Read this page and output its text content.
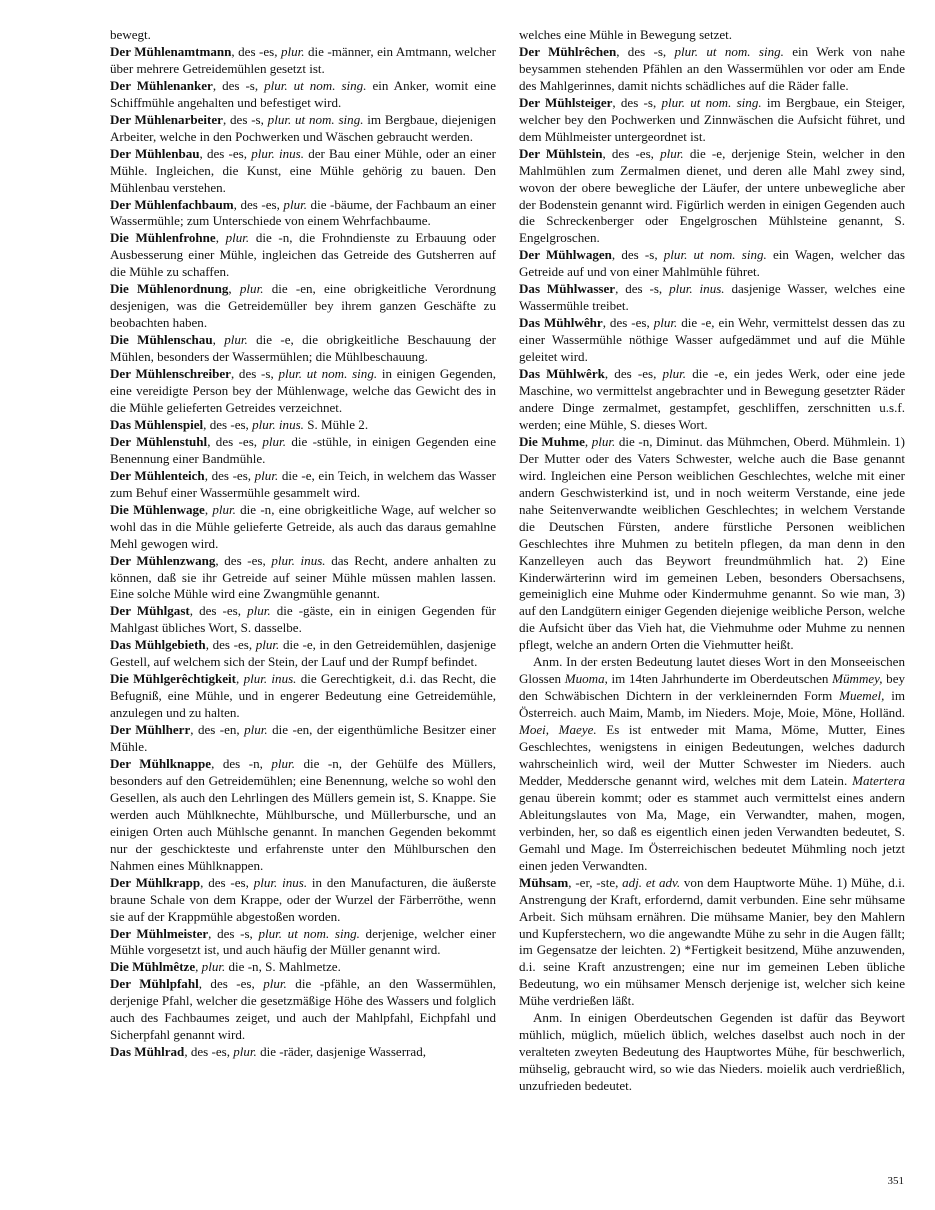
bewegt.

Der Mühlenamtmann, des -es, plur. die -männer, ein Amtmann, welcher über mehrere Getreidemühlen gesetzt ist.

Der Mühlenanker, des -s, plur. ut nom. sing. ein Anker, womit eine Schiffmühle angehalten und befestiget wird.

Der Mühlenarbeiter, des -s, plur. ut nom. sing. im Bergbaue, diejenigen Arbeiter, welche in den Pochwerken und Wäschen gebraucht werden.

Der Mühlenbau, des -es, plur. inus. der Bau einer Mühle, oder an einer Mühle. Ingleichen, die Kunst, eine Mühle gehörig zu bauen. Den Mühlenbau verstehen.

Der Mühlenfachbaum, des -es, plur. die -bäume, der Fachbaum an einer Wassermühle; zum Unterschiede von einem Wehrfachbaume.

Die Mühlenfrohne, plur. die -n, die Frohndienste zu Erbauung oder Ausbesserung einer Mühle, ingleichen das Getreide des Gutsherren auf die Mühle zu schaffen.

Die Mühlenordnung, plur. die -en, eine obrigkeitliche Verordnung desjenigen, was die Getreidemüller bey ihrem ganzen Geschäfte zu beobachten haben.

Die Mühlenschau, plur. die -e, die obrigkeitliche Beschauung der Mühlen, besonders der Wassermühlen; die Mühlbeschauung.

Der Mühlenschreiber, des -s, plur. ut nom. sing. in einigen Gegenden, eine vereidigte Person bey der Mühlenwage, welche das Gewicht des in die Mühle gelieferten Getreides verzeichnet.

Das Mühlenspiel, des -es, plur. inus. S. Mühle 2.

Der Mühlenstuhl, des -es, plur. die -stühle, in einigen Gegenden eine Benennung einer Bandmühle.

Der Mühlenteich, des -es, plur. die -e, ein Teich, in welchem das Wasser zum Behuf einer Wassermühle gesammelt wird.

Die Mühlenwage, plur. die -n, eine obrigkeitliche Wage, auf welcher so wohl das in die Mühle gelieferte Getreide, als auch das daraus gemahlne Mehl gewogen wird.

Der Mühlenzwang, des -es, plur. inus. das Recht, andere anhalten zu können, daß sie ihr Getreide auf seiner Mühle müssen mahlen lassen. Eine solche Mühle wird eine Zwangmühle genannt.

Der Mühlgast, des -es, plur. die -gäste, ein in einigen Gegenden für Mahlgast übliches Wort, S. dasselbe.

Das Mühlgebieth, des -es, plur. die -e, in den Getreidemühlen, dasjenige Gestell, auf welchem sich der Stein, der Lauf und der Rumpf befindet.

Die Mühlgerêchtigkeit, plur. inus. die Gerechtigkeit, d.i. das Recht, die Befugniß, eine Mühle, und in engerer Bedeutung eine Getreidemühle, anzulegen und zu halten.

Der Mühlherr, des -en, plur. die -en, der eigenthümliche Besitzer einer Mühle.

Der Mühlknappe, des -n, plur. die -n, der Gehülfe des Müllers, besonders auf den Getreidemühlen; eine Benennung, welche so wohl den Gesellen, als auch den Lehrlingen des Müllers gemein ist, S. Knappe. Sie werden auch Mühlknechte, Mühlbursche, und Müllerbursche, und an einigen Orten auch Mühlsche genannt. In manchen Gegenden bekommt nur der geschickteste und erfahrenste unter den Mühlburschen den Nahmen eines Mühlknappen.

Der Mühlkrapp, des -es, plur. inus. in den Manufacturen, die äußerste braune Schale von dem Krappe, oder der Wurzel der Färberröthe, wenn sie auf der Krappmühle abgestoßen worden.

Der Mühlmeister, des -s, plur. ut nom. sing. derjenige, welcher einer Mühle vorgesetzt ist, und auch häufig der Müller genannt wird.

Die Mühlmêtze, plur. die -n, S. Mahlmetze.

Der Mühlpfahl, des -es, plur. die -pfähle, an den Wassermühlen, derjenige Pfahl, welcher die gesetzmäßige Höhe des Wassers und folglich auch des Fachbaumes zeiget, und auch der Mahlpfahl, Eichpfahl und Sicherpfahl genannt wird.

Das Mühlrad, des -es, plur. die -räder, dasjenige Wasserrad,

welches eine Mühle in Bewegung setzet.

Der Mühlrêchen, des -s, plur. ut nom. sing. ein Werk von nahe beysammen stehenden Pfählen an den Wassermühlen vor oder am Ende des Mahlgerinnes, damit nichts schädliches auf die Räder falle.

Der Mühlsteiger, des -s, plur. ut nom. sing. im Bergbaue, ein Steiger, welcher bey den Pochwerken und Zinnwäschen die Aufsicht führet, und dem Mühlmeister untergeordnet ist.

Der Mühlstein, des -es, plur. die -e, derjenige Stein, welcher in den Mahlmühlen zum Zermalmen dienet, und deren alle Mahl zwey sind, wovon der obere bewegliche der Läufer, der untere unbewegliche aber der Bodenstein genannt wird. Figürlich werden in einigen Gegenden auch die Schreckenberger oder Engelgroschen Mühlsteine genannt, S. Engelgroschen.

Der Mühlwagen, des -s, plur. ut nom. sing. ein Wagen, welcher das Getreide auf und von einer Mahlmühle führet.

Das Mühlwasser, des -s, plur. inus. dasjenige Wasser, welches eine Wassermühle treibet.

Das Mühlwêhr, des -es, plur. die -e, ein Wehr, vermittelst dessen das zu einer Wassermühle nöthige Wasser aufgedämmet und auf die Mühle geleitet wird.

Das Mühlwêrk, des -es, plur. die -e, ein jedes Werk, oder eine jede Maschine, wo vermittelst angebrachter und in Bewegung gesetzter Räder andere Dinge zermalmet, gestampfet, geschliffen, zerschnitten u.s.f. werden; eine Mühle, S. dieses Wort.

Die Muhme, plur. die -n, Diminut. das Mühmchen, Oberd. Mühmlein. 1) Der Mutter oder des Vaters Schwester, welche auch die Base genannt wird. Ingleichen eine Person weiblichen Geschlechtes, welche mit einer andern Geschwisterkind ist, und in noch weiterm Verstande, eine jede nahe Seitenverwandte weiblichen Geschlechtes; in welchem Verstande die Deutschen Fürsten, andere fürstliche Personen weiblichen Geschlechtes ihre Muhmen zu betiteln pflegen, da man denn in den Kanzelleyen auch das Beywort freundmühmlich hat. 2) Eine Kinderwärterinn wird im gemeinen Leben, besonders Obersachsens, gemeiniglich eine Muhme oder Kindermuhme genannt. So wie man, 3) auf den Landgütern einiger Gegenden diejenige weibliche Person, welche die Aufsicht über das Vieh hat, die Viehmuhme oder Muhme zu nennen pflegt, welche an andern Orten die Viehmutter heißt.

Anm. In der ersten Bedeutung lautet dieses Wort in den Monseeischen Glossen Muoma, im 14ten Jahrhunderte im Oberdeutschen Mümmey, bey den Schwäbischen Dichtern in der verkleinernden Form Muemel, im Österreich. auch Maim, Mamb, im Nieders. Moje, Moie, Möne, Holländ. Moei, Maeye. Es ist entweder mit Mama, Möme, Mutter, Eines Geschlechtes, wenigstens in einigen Bedeutungen, welches dadurch wahrscheinlich wird, weil der Mutter Schwester im Nieders. auch Medder, Meddersche genannt wird, welches mit dem Latein. Matertera genau überein kommt; oder es stammet auch vermittelst eines andern Ableitungslautes von Ma, Mage, ein Verwandter, mahen, mogen, verbinden, her, so daß es eigentlich einen jeden Verwandten bedeutet, S. Gemahl und Mage. Im Österreichischen bedeutet Mühmling noch jetzt einen jeden Verwandten.

Mühsam, -er, -ste, adj. et adv. von dem Hauptworte Mühe. 1) Mühe, d.i. Anstrengung der Kraft, erfordernd, damit verbunden. Eine sehr mühsame Arbeit. Sich mühsam ernähren. Die mühsame Manier, bey den Mahlern und Kupferstechern, wo die angewandte Mühe zu sehr in die Augen fällt; im Gegensatze der leichten. 2) *Fertigkeit besitzend, Mühe anzuwenden, d.i. seine Kraft anzustrengen; eine nur im gemeinen Leben übliche Bedeutung, wo ein mühsamer Mensch derjenige ist, welcher sich keine Mühe verdrießen läßt.

Anm. In einigen Oberdeutschen Gegenden ist dafür das Beywort mühlich, müglich, müelich üblich, welches daselbst auch noch in der veralteten zweyten Bedeutung des Hauptwortes Mühe, für beschwerlich, mühselig, gebraucht wird, so wie das Nieders. moielik auch verdrießlich, unzufrieden bedeutet.

351
